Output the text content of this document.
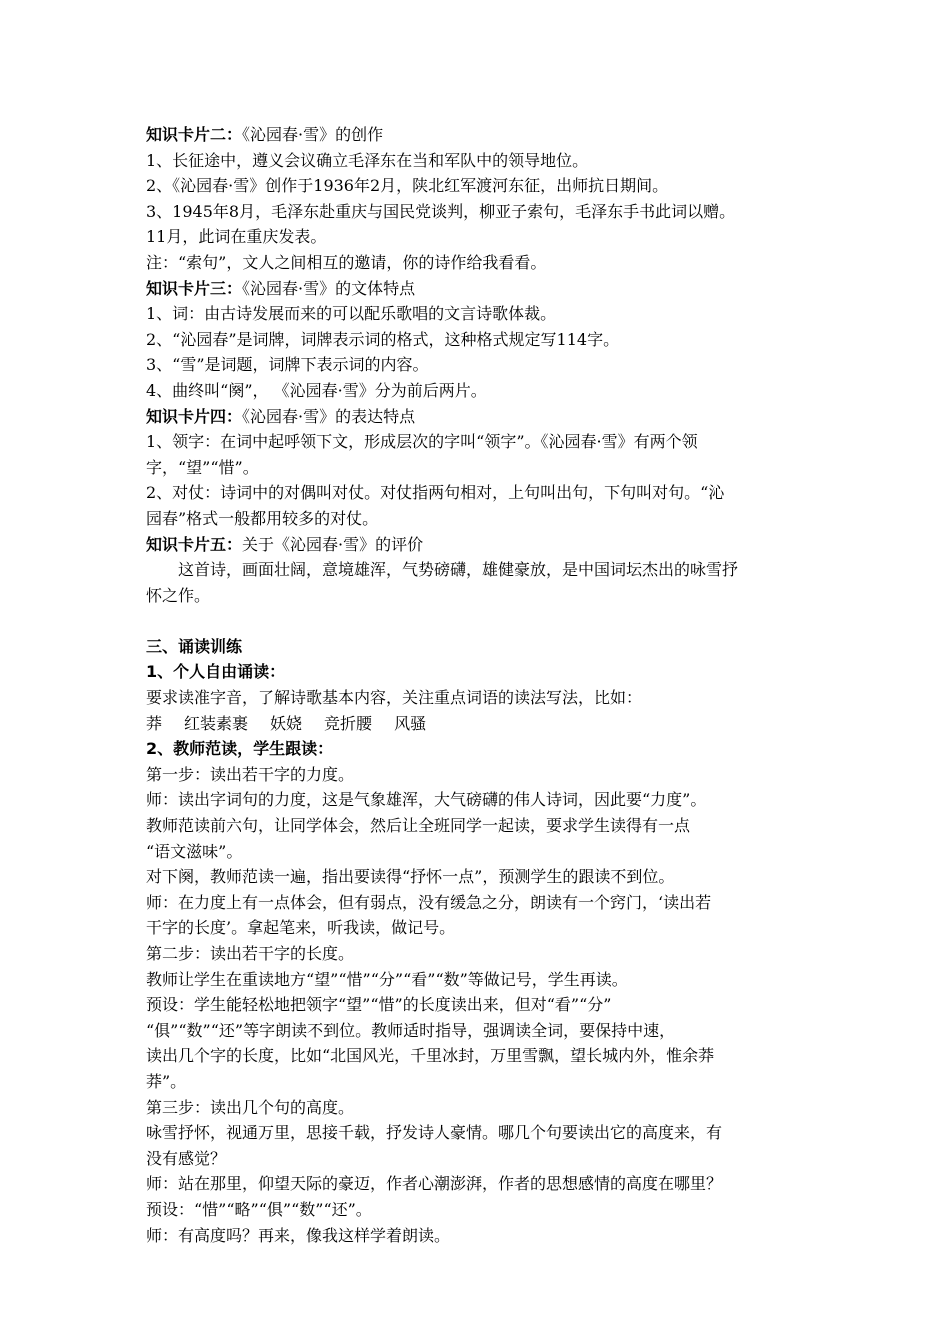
知识卡片二：《沁园春·雪》的创作
1、长征途中，遵义会议确立毛泽东在当和军队中的领导地位。
2、《沁园春·雪》创作于1936年2月，陕北红军渡河东征，出师抗日期间。
3、1945年8月，毛泽东赴重庆与国民党谈判，柳亚子索句，毛泽东手书此词以赠。
11月，此词在重庆发表。
注：“索句”，文人之间相互的邀请，你的诗作给我看看。
知识卡片三：《沁园春·雪》的文体特点
1、词：由古诗发展而来的可以配乐歌唱的文言诗歌体裁。
2、“沁园春”是词牌，词牌表示词的格式，这种格式规定写114字。
3、“雪”是词题，词牌下表示词的内容。
4、曲终叫“阕”， 《沁园春·雪》分为前后两片。
知识卡片四：《沁园春·雪》的表达特点
1、领字：在词中起呼领下文，形成层次的字叫“领字”。《沁园春·雪》有两个领
字，“望”“惜”。
2、对仗：诗词中的对偶叫对仗。对仗指两句相对，上句叫出句，下句叫对句。“沁
园春”格式一般都用较多的对仗。
知识卡片五：关于《沁园春·雪》的评价
这首诗，画面壮阔，意境雄浑，气势磅礴，雄健豪放，是中国词坛杰出的咏雪抒
怀之作。
三、诵读训练
1、个人自由诵读：
要求读准字音，了解诗歌基本内容，关注重点词语的读法写法，比如：
莽 红装素裹 妖娆 竞折腰 风骚
2、教师范读，学生跟读：
第一步：读出若干字的力度。
师：读出字词句的力度，这是气象雄浑，大气磅礴的伟人诗词，因此要“力度”。
教师范读前六句，让同学体会，然后让全班同学一起读，要求学生读得有一点
“语文滋味”。
对下阕，教师范读一遍，指出要读得“抒怀一点”，预测学生的跟读不到位。
师：在力度上有一点体会，但有弱点，没有缓急之分，朗读有一个窍门，‘读出若
干字的长度’。拿起笔来，听我读，做记号。
第二步：读出若干字的长度。
教师让学生在重读地方“望”“惜”“分”“看”“数”等做记号，学生再读。
预设：学生能轻松地把领字“望”“惜”的长度读出来，但对“看”“分”
“俱”“数”“还”等字朗读不到位。教师适时指导，强调读全词，要保持中速，
读出几个字的长度，比如“北国风光，千里冰封，万里雪飘，望长城内外，惟余莽
莽”。
第三步：读出几个句的高度。
咏雪抒怀，视通万里，思接千载，抒发诗人豪情。哪几个句要读出它的高度来，有
没有感觉？
师：站在那里，仰望天际的豪迈，作者心潮澎湃，作者的思想感情的高度在哪里？
预设：“惜”“略”“俱”“数”“还”。
师：有高度吗？再来，像我这样学着朗读。
